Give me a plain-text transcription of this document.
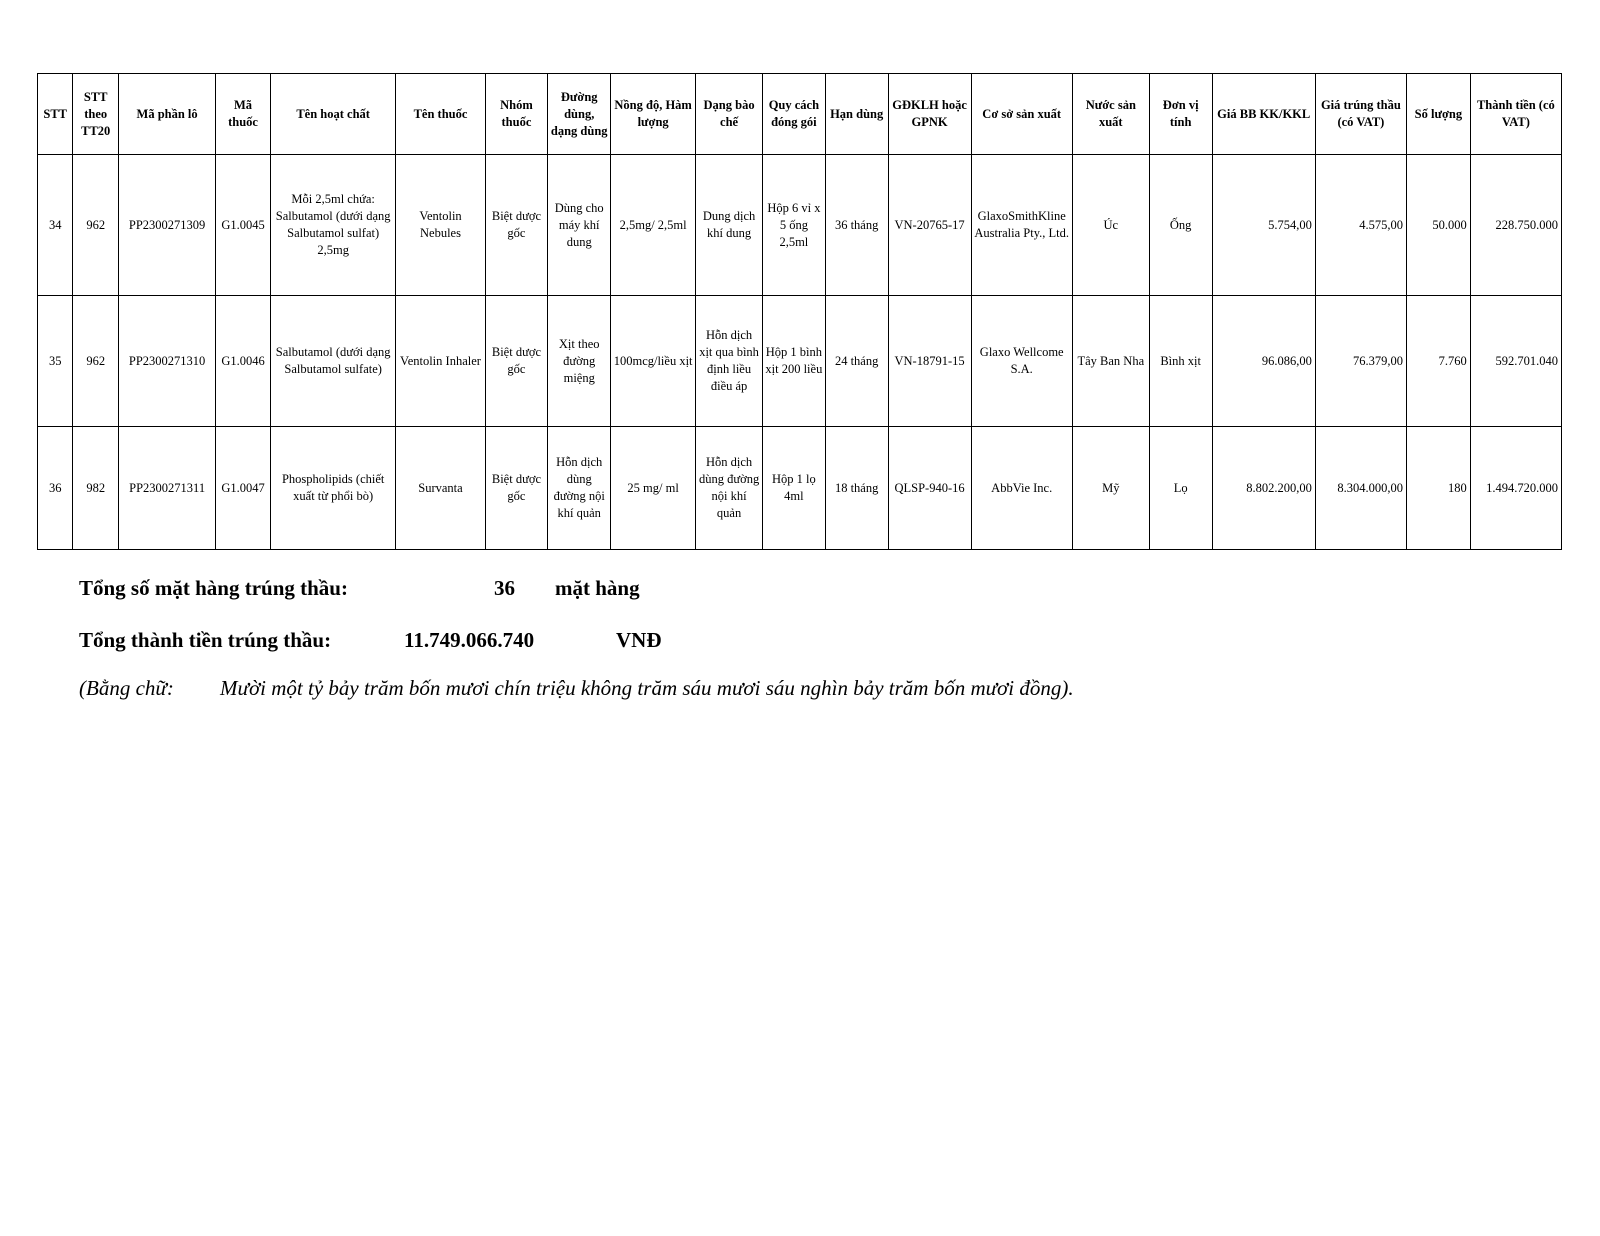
STT	STT theo TT20	Mã phần lô	Mã thuốc	Tên hoạt chất	Tên thuốc	Nhóm thuốc	Đường dùng, dạng dùng	Nồng độ, Hàm lượng	Dạng bào chế	Quy cách đóng gói	Hạn dùng	GĐKLH hoặc GPNK	Cơ sở sản xuất	Nước sản xuất	Đơn vị tính	Giá BB KK/KKL	Giá trúng thầu (có VAT)	Số lượng	Thành tiền (có VAT)
34	962	PP2300271309	G1.0045	Mỗi 2,5ml chứa: Salbutamol (dưới dạng Salbutamol sulfat) 2,5mg	Ventolin Nebules	Biệt dược gốc	Dùng cho máy khí dung	2,5mg/ 2,5ml	Dung dịch khí dung	Hộp 6 vỉ x 5 ống 2,5ml	36 tháng	VN-20765-17	GlaxoSmithKline Australia Pty., Ltd.	Úc	Ống	5.754,00	4.575,00	50.000	228.750.000
35	962	PP2300271310	G1.0046	Salbutamol (dưới dạng Salbutamol sulfate)	Ventolin Inhaler	Biệt dược gốc	Xịt theo đường miệng	100mcg/liều xịt	Hỗn dịch xịt qua bình định liều điều áp	Hộp 1 bình xịt 200 liều	24 tháng	VN-18791-15	Glaxo Wellcome S.A.	Tây Ban Nha	Bình xịt	96.086,00	76.379,00	7.760	592.701.040
36	982	PP2300271311	G1.0047	Phospholipids (chiết xuất từ phổi bò)	Survanta	Biệt dược gốc	Hỗn dịch dùng đường nội khí quản	25 mg/ ml	Hỗn dịch dùng đường nội khí quản	Hộp 1 lọ 4ml	18 tháng	QLSP-940-16	AbbVie Inc.	Mỹ	Lọ	8.802.200,00	8.304.000,00	180	1.494.720.000
Tổng số mặt hàng trúng thầu:	36 mặt hàng
Tổng thành tiền trúng thầu:	11.749.066.740	VNĐ
(Bằng chữ: Mười một tỷ bảy trăm bốn mươi chín triệu không trăm sáu mươi sáu nghìn bảy trăm bốn mươi đồng).
